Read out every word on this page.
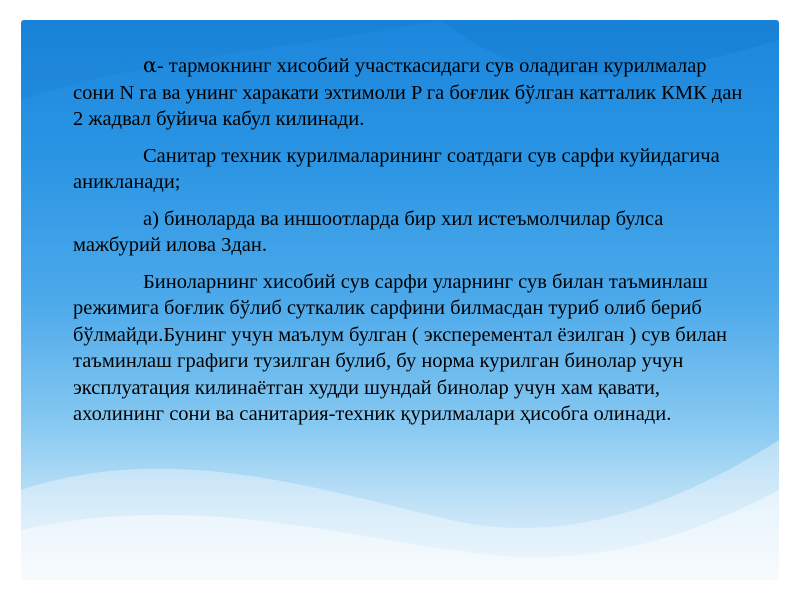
α- тармокнинг хисобий участкасидаги сув оладиган курилмалар сони N га ва унинг харакати эхтимоли P га боғлик бўлган катталик КМК дан 2 жадвал буйича кабул килинади.

Санитар техник курилмаларининг соатдаги сув сарфи куйидагича аникланади;

а) биноларда ва иншоотларда бир хил истеъмолчилар булса мажбурий илова 3дан.

Биноларнинг хисобий сув сарфи уларнинг сув билан таъминлаш режимига боғлик бўлиб суткалик сарфини билмасдан туриб олиб бериб бўлмайди.Бунинг учун маълум булган ( эксперементал ёзилган ) сув билан таъминлаш графиги тузилган булиб, бу норма курилган бинолар учун эксплуатация килинаётган худди шундай бинолар учун хам қавати, ахолининг сони ва санитария-техник қурилмалари ҳисобга олинади.
